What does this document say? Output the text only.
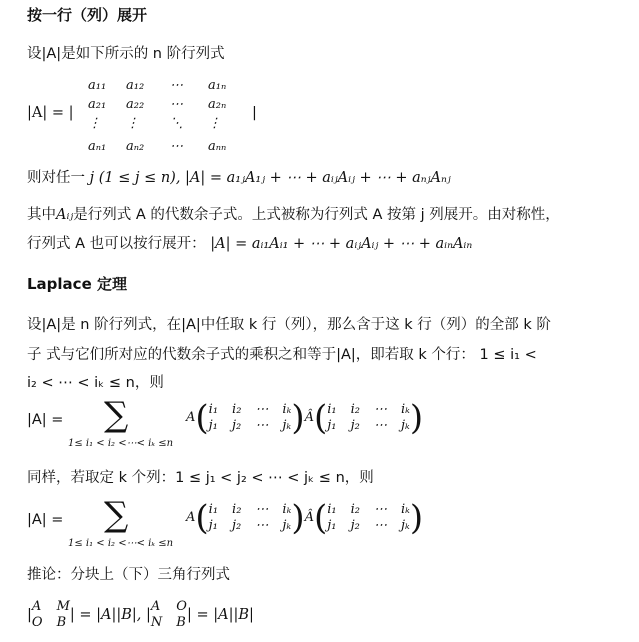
按一行（列）展开
设|A|是如下所示的 n 阶行列式
|A| = |
a₁₁	a₁₂	⋯	a₁ₙ
a₂₁	a₂₂	⋯	a₂ₙ
⋮	⋮	⋱	⋮
aₙ₁	aₙ₂	⋯	aₙₙ
|
则对任一 j (1 ≤ j ≤ n), |A| = a₁ⱼA₁ⱼ + ⋯ + aᵢⱼAᵢⱼ + ⋯ + aₙⱼAₙⱼ
其中Aᵢⱼ是行列式 A 的代数余子式。上式被称为行列式 A 按第 j 列展开。由对称性，
行列式 A 也可以按行展开： |A| = aᵢ₁Aᵢ₁ + ⋯ + aᵢⱼAᵢⱼ + ⋯ + aᵢₙAᵢₙ
Laplace 定理
设|A|是 n 阶行列式，在|A|中任取 k 行（列），那么含于这 k 行（列）的全部 k 阶
子 式与它们所对应的代数余子式的乘积之和等于|A|，即若取 k 个行： 1 ≤ i₁ <
i₂ < ⋯ < iₖ ≤ n，则
|A| = ∑
1≤ i₁ < i₂ <⋯< iₖ ≤n
A ( i₁ i₂ ⋯ iₖ
j₁ j₂ ⋯ jₖ ) Â ( i₁ i₂ ⋯ iₖ
j₁ j₂ ⋯ jₖ )
同样，若取定 k 个列：1 ≤ j₁ < j₂ < ⋯ < jₖ ≤ n，则
|A| = ∑
1≤ i₁ < i₂ <⋯< iₖ ≤n
A ( i₁ i₂ ⋯ iₖ
j₁ j₂ ⋯ jₖ ) Â ( i₁ i₂ ⋯ iₖ
j₁ j₂ ⋯ jₖ )
推论：分块上（下）三角行列式
|
A M
O B | = |A||B|, |
A O
N B | = |A||B|
